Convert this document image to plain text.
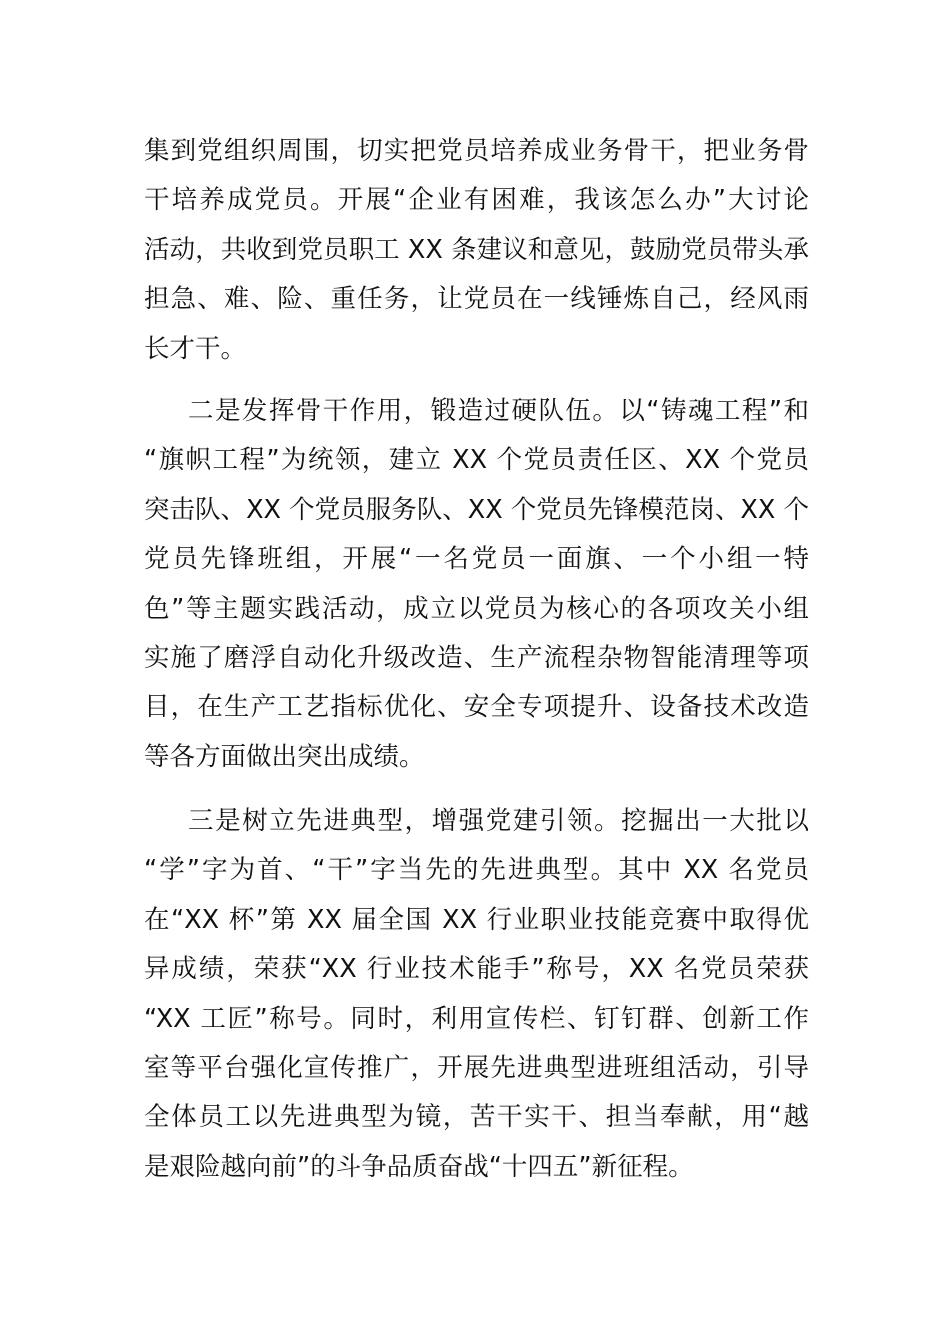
集到党组织周围，切实把党员培养成业务骨干，把业务骨
干培养成党员。开展“企业有困难，我该怎么办”大讨论
活动，共收到党员职工 XX 条建议和意见，鼓励党员带头承
担急、难、险、重任务，让党员在一线锤炼自己，经风雨
长才干。
二是发挥骨干作用，锻造过硬队伍。以“铸魂工程”和
“旗帜工程”为统领，建立 XX 个党员责任区、XX 个党员
突击队、XX 个党员服务队、XX 个党员先锋模范岗、XX 个
党员先锋班组，开展“一名党员一面旗、一个小组一特
色”等主题实践活动，成立以党员为核心的各项攻关小组
实施了磨浮自动化升级改造、生产流程杂物智能清理等项
目，在生产工艺指标优化、安全专项提升、设备技术改造
等各方面做出突出成绩。
三是树立先进典型，增强党建引领。挖掘出一大批以
“学”字为首、“干”字当先的先进典型。其中 XX 名党员
在“XX 杯”第 XX 届全国 XX 行业职业技能竞赛中取得优
异成绩，荣获“XX 行业技术能手”称号，XX 名党员荣获
“XX 工匠”称号。同时，利用宣传栏、钉钉群、创新工作
室等平台强化宣传推广，开展先进典型进班组活动，引导
全体员工以先进典型为镜，苦干实干、担当奉献，用“越
是艰险越向前”的斗争品质奋战“十四五”新征程。
